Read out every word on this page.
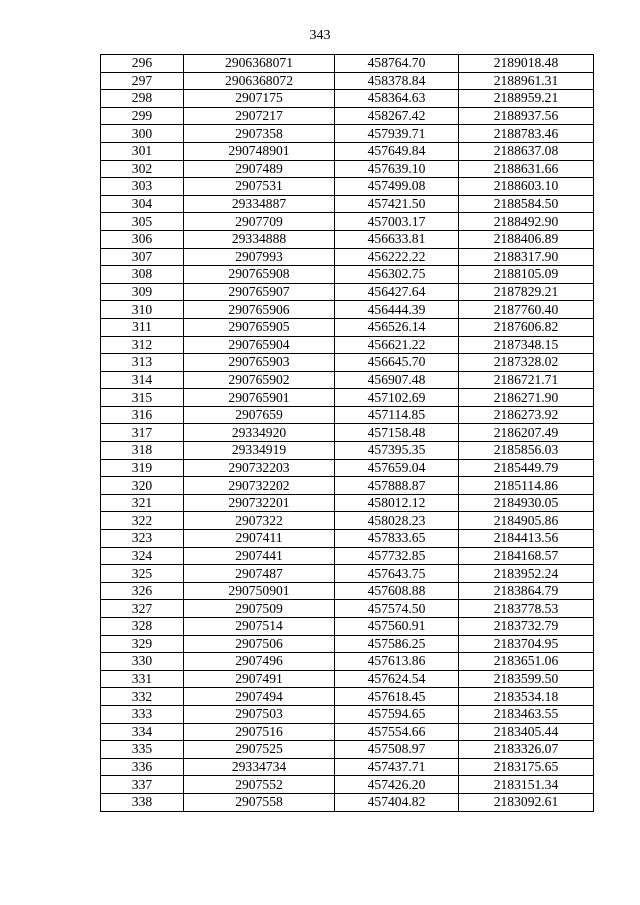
343
296	2906368071	458764.70	2189018.48
297	2906368072	458378.84	2188961.31
298	2907175	458364.63	2188959.21
299	2907217	458267.42	2188937.56
300	2907358	457939.71	2188783.46
301	290748901	457649.84	2188637.08
302	2907489	457639.10	2188631.66
303	2907531	457499.08	2188603.10
304	29334887	457421.50	2188584.50
305	2907709	457003.17	2188492.90
306	29334888	456633.81	2188406.89
307	2907993	456222.22	2188317.90
308	290765908	456302.75	2188105.09
309	290765907	456427.64	2187829.21
310	290765906	456444.39	2187760.40
311	290765905	456526.14	2187606.82
312	290765904	456621.22	2187348.15
313	290765903	456645.70	2187328.02
314	290765902	456907.48	2186721.71
315	290765901	457102.69	2186271.90
316	2907659	457114.85	2186273.92
317	29334920	457158.48	2186207.49
318	29334919	457395.35	2185856.03
319	290732203	457659.04	2185449.79
320	290732202	457888.87	2185114.86
321	290732201	458012.12	2184930.05
322	2907322	458028.23	2184905.86
323	2907411	457833.65	2184413.56
324	2907441	457732.85	2184168.57
325	2907487	457643.75	2183952.24
326	290750901	457608.88	2183864.79
327	2907509	457574.50	2183778.53
328	2907514	457560.91	2183732.79
329	2907506	457586.25	2183704.95
330	2907496	457613.86	2183651.06
331	2907491	457624.54	2183599.50
332	2907494	457618.45	2183534.18
333	2907503	457594.65	2183463.55
334	2907516	457554.66	2183405.44
335	2907525	457508.97	2183326.07
336	29334734	457437.71	2183175.65
337	2907552	457426.20	2183151.34
338	2907558	457404.82	2183092.61
